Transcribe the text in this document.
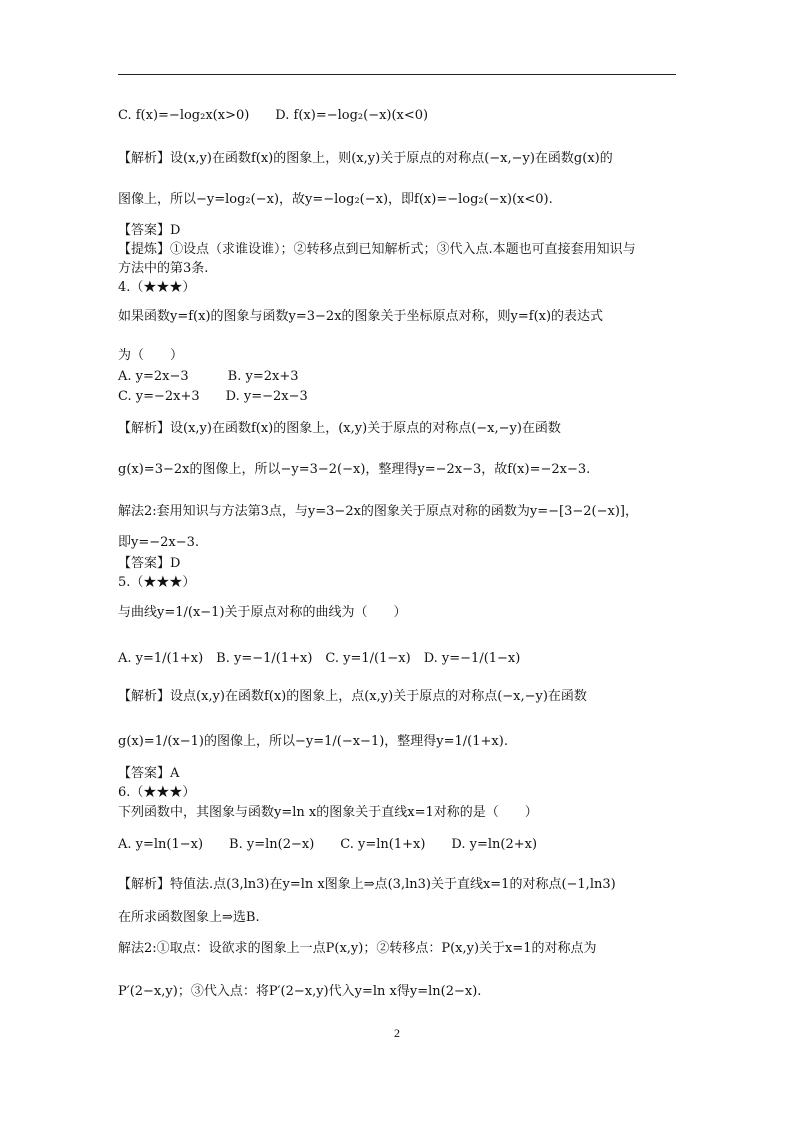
C. f(x)=−log₂x(x>0)　　D. f(x)=−log₂(−x)(x<0)
【解析】设(x,y)在函数f(x)的图象上，则(x,y)关于原点的对称点(−x,−y)在函数g(x)的
图像上，所以−y=log₂(−x)，故y=−log₂(−x)，即f(x)=−log₂(−x)(x<0).
【答案】D
【提炼】①设点（求谁设谁）；②转移点到已知解析式；③代入点.本题也可直接套用知识与
方法中的第3条.
4.（★★★）
如果函数y=f(x)的图象与函数y=3−2x的图象关于坐标原点对称，则y=f(x)的表达式
为（　　）
A. y=2x−3　　　B. y=2x+3
C. y=−2x+3　　D. y=−2x−3
【解析】设(x,y)在函数f(x)的图象上，(x,y)关于原点的对称点(−x,−y)在函数
g(x)=3−2x的图像上，所以−y=3−2(−x)，整理得y=−2x−3，故f(x)=−2x−3.
解法2:套用知识与方法第3点，与y=3−2x的图象关于原点对称的函数为y=−[3−2(−x)]，
即y=−2x−3.
【答案】D
5.（★★★）
与曲线y=1/(x−1)关于原点对称的曲线为（　　）
A. y=1/(1+x)　B. y=−1/(1+x)　C. y=1/(1−x)　D. y=−1/(1−x)
【解析】设点(x,y)在函数f(x)的图象上，点(x,y)关于原点的对称点(−x,−y)在函数
g(x)=1/(x−1)的图像上，所以−y=1/(−x−1)，整理得y=1/(1+x).
【答案】A
6.（★★★）
下列函数中，其图象与函数y=ln x的图象关于直线x=1对称的是（　　）
A. y=ln(1−x)　　B. y=ln(2−x)　　C. y=ln(1+x)　　D. y=ln(2+x)
【解析】特值法.点(3,ln3)在y=ln x图象上⇒点(3,ln3)关于直线x=1的对称点(−1,ln3)
在所求函数图象上⇒选B.
解法2:①取点：设欲求的图象上一点P(x,y)；②转移点：P(x,y)关于x=1的对称点为
P′(2−x,y)；③代入点：将P′(2−x,y)代入y=ln x得y=ln(2−x).
2
